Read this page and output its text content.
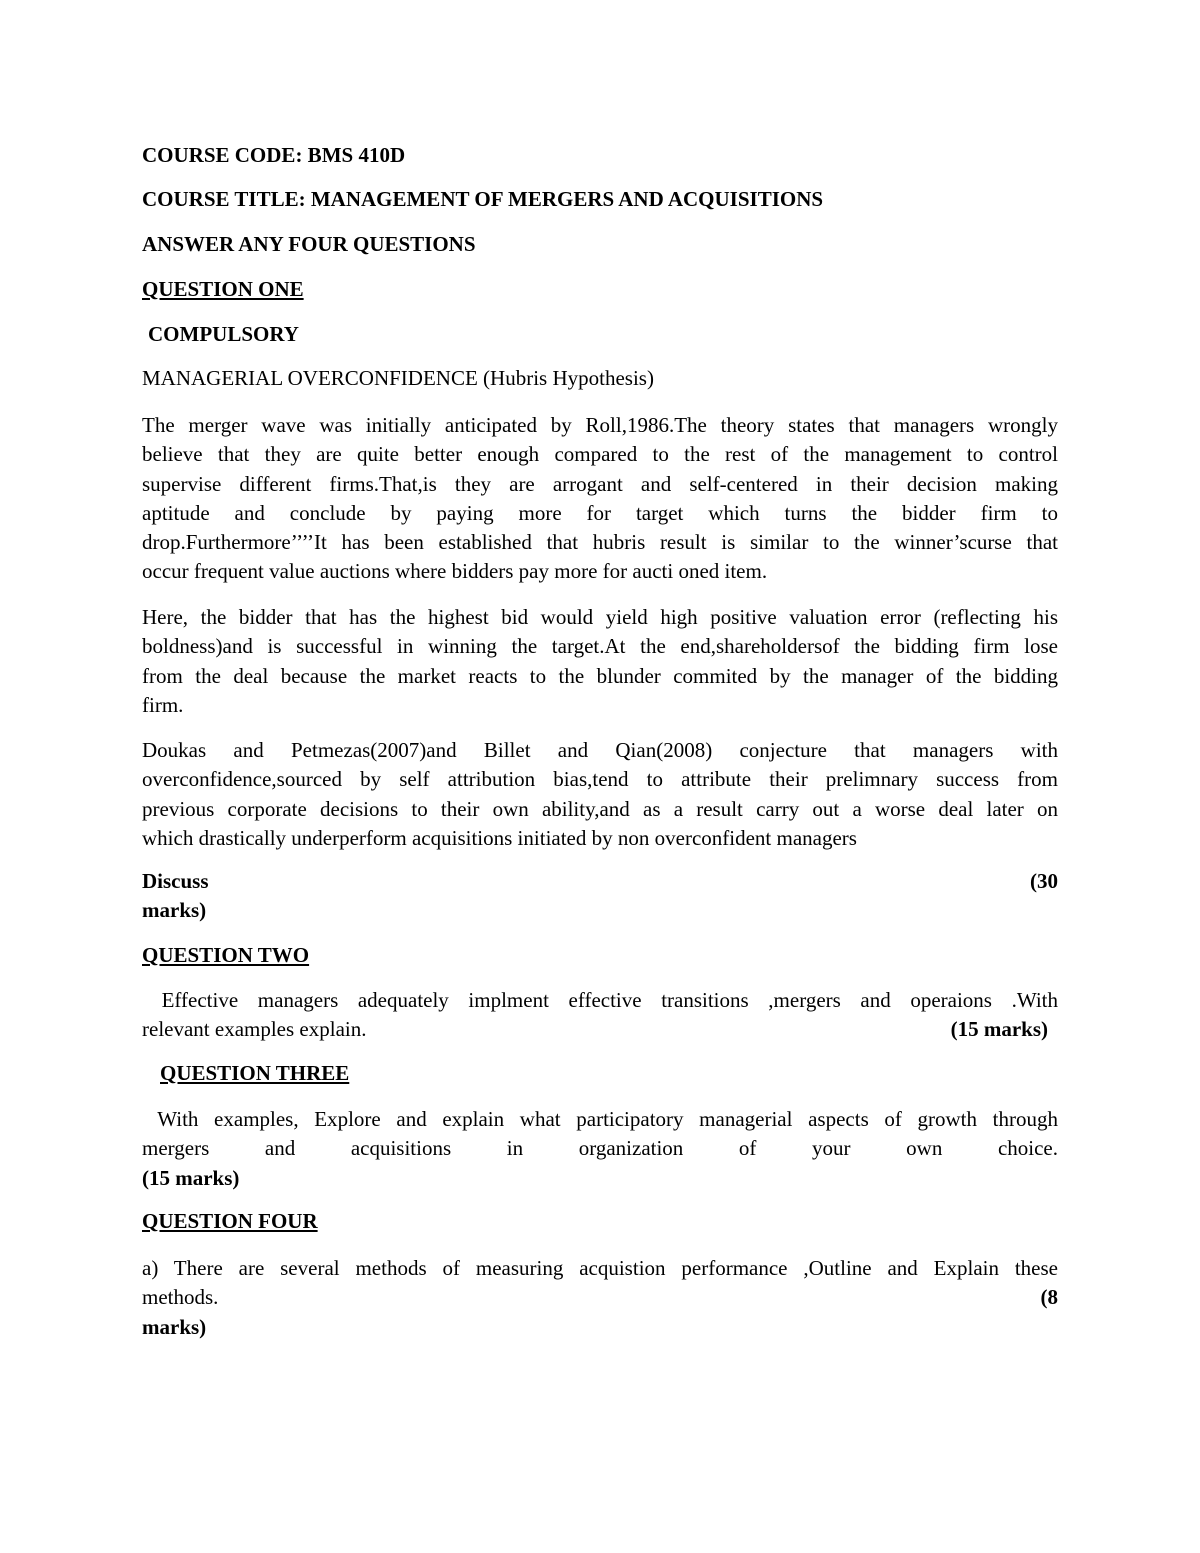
COURSE CODE: BMS 410D

COURSE TITLE: MANAGEMENT OF MERGERS AND ACQUISITIONS

ANSWER ANY FOUR QUESTIONS

QUESTION ONE

COMPULSORY

MANAGERIAL OVERCONFIDENCE (Hubris Hypothesis)

The merger wave was initially anticipated by Roll,1986.The theory states that managers wrongly
believe that they are quite better enough compared to the rest of the management to control
supervise different firms.That,is they are arrogant and self-centered in their decision making
aptitude and conclude by paying more for target which turns the bidder firm to
drop.Furthermore’’’’It has been established that hubris result is similar to the winner’scurse that
occur frequent value auctions where bidders pay more for aucti oned item.
Here, the bidder that has the highest bid would yield high positive valuation error (reflecting his
boldness)and is successful in winning the target.At the end,shareholdersof the bidding firm lose
from the deal because the market reacts to the blunder commited by the manager of the bidding
firm.
Doukas and Petmezas(2007)and Billet and Qian(2008) conjecture that managers with
overconfidence,sourced by self attribution bias,tend to attribute their prelimnary success from
previous corporate decisions to their own ability,and as a result carry out a worse deal later on
which drastically underperform acquisitions initiated by non overconfident managers
Discuss	(30
marks)

QUESTION TWO

Effective managers adequately implment effective transitions ,mergers and operaions .With
relevant examples explain.	(15 marks)

QUESTION THREE

With examples, Explore and explain what participatory managerial aspects of growth through
mergers and acquisitions in organization of your own choice.
(15 marks)

QUESTION FOUR

a) There are several methods of measuring acquistion performance ,Outline and Explain these
methods.	(8
marks)
